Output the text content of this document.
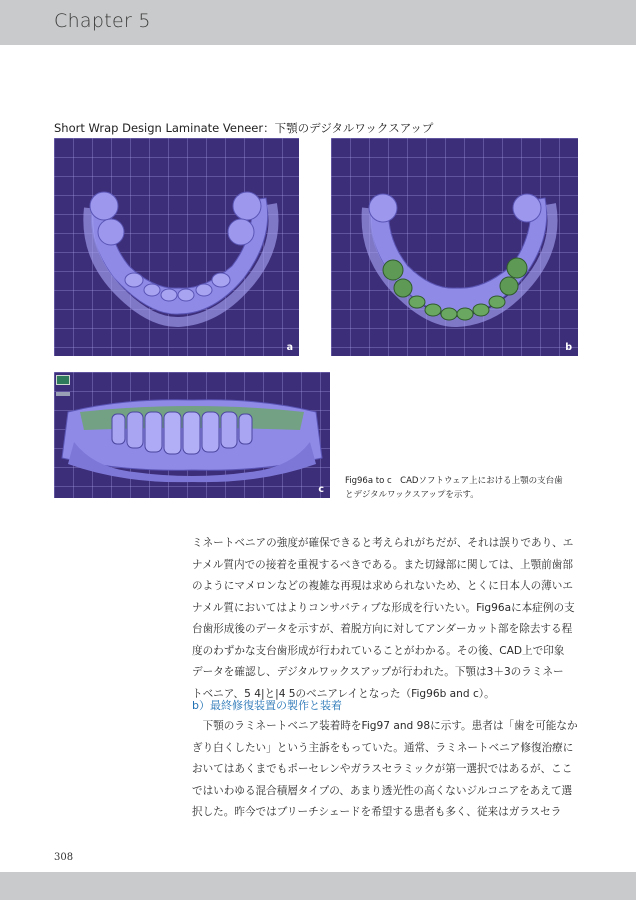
Chapter 5
Short Wrap Design Laminate Veneer：下顎のデジタルワックスアップ
a	b
c
Fig96a to c　CADソフトウェア上における上顎の支台歯
とデジタルワックスアップを示す。

ミネートベニアの強度が確保できると考えられがちだが、それは誤りであり、エ

ナメル質内での接着を重視するべきである。また切縁部に関しては、上顎前歯部

のようにマメロンなどの複雑な再現は求められないため、とくに日本人の薄いエ

ナメル質においてはよりコンサバティブな形成を行いたい。Fig96aに本症例の支

台歯形成後のデータを示すが、着脱方向に対してアンダーカット部を除去する程

度のわずかな支台歯形成が行われていることがわかる。その後、CAD上で印象

データを確認し、デジタルワックスアップが行われた。下顎は3＋3のラミネー

トベニア、5 4|と|4 5のベニアレイとなった（Fig96b and c）。

b）最終修復装置の製作と装着

下顎のラミネートベニア装着時をFig97 and 98に示す。患者は「歯を可能なか

ぎり白くしたい」という主訴をもっていた。通常、ラミネートベニア修復治療に

おいてはあくまでもポーセレンやガラスセラミックが第一選択ではあるが、ここ

ではいわゆる混合積層タイプの、あまり透光性の高くないジルコニアをあえて選

択した。昨今ではブリーチシェードを希望する患者も多く、従来はガラスセラ

308
